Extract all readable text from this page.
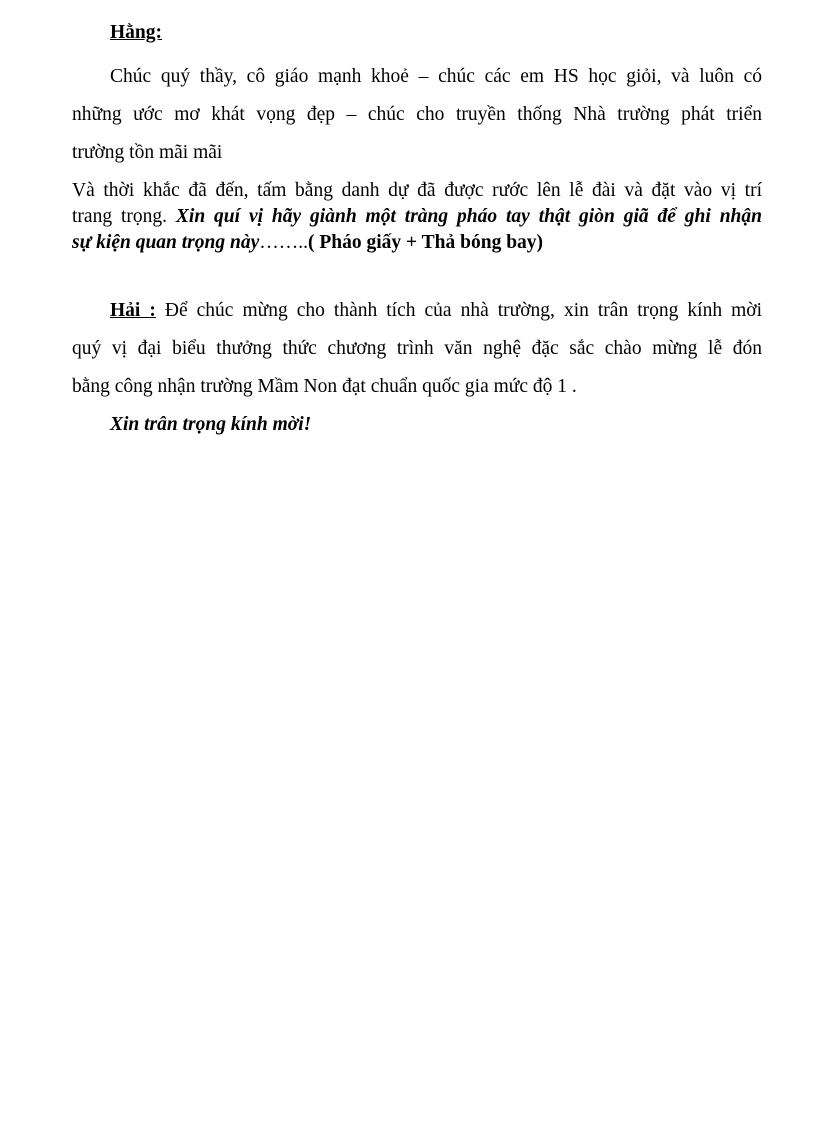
Hằng:
Chúc quý thầy, cô giáo mạnh khoẻ – chúc các em HS học giỏi, và luôn có
những ước mơ khát vọng đẹp – chúc cho truyền thống Nhà trường phát triển
trường tồn mãi mãi
Và thời khắc đã đến, tấm bằng danh dự đã được rước lên lễ đài và đặt vào vị trí
trang trọng. Xin quí vị hãy giành một tràng pháo tay thật giòn giã để ghi nhận
sự kiện quan trọng này……..( Pháo giấy + Thả bóng bay)
Hải : Để chúc mừng cho thành tích của nhà trường, xin trân trọng kính mời
quý vị đại biểu thưởng thức chương trình văn nghệ đặc sắc chào mừng lễ đón
bằng công nhận trường Mầm Non đạt chuẩn quốc gia mức độ 1 .
Xin trân trọng kính mời!
